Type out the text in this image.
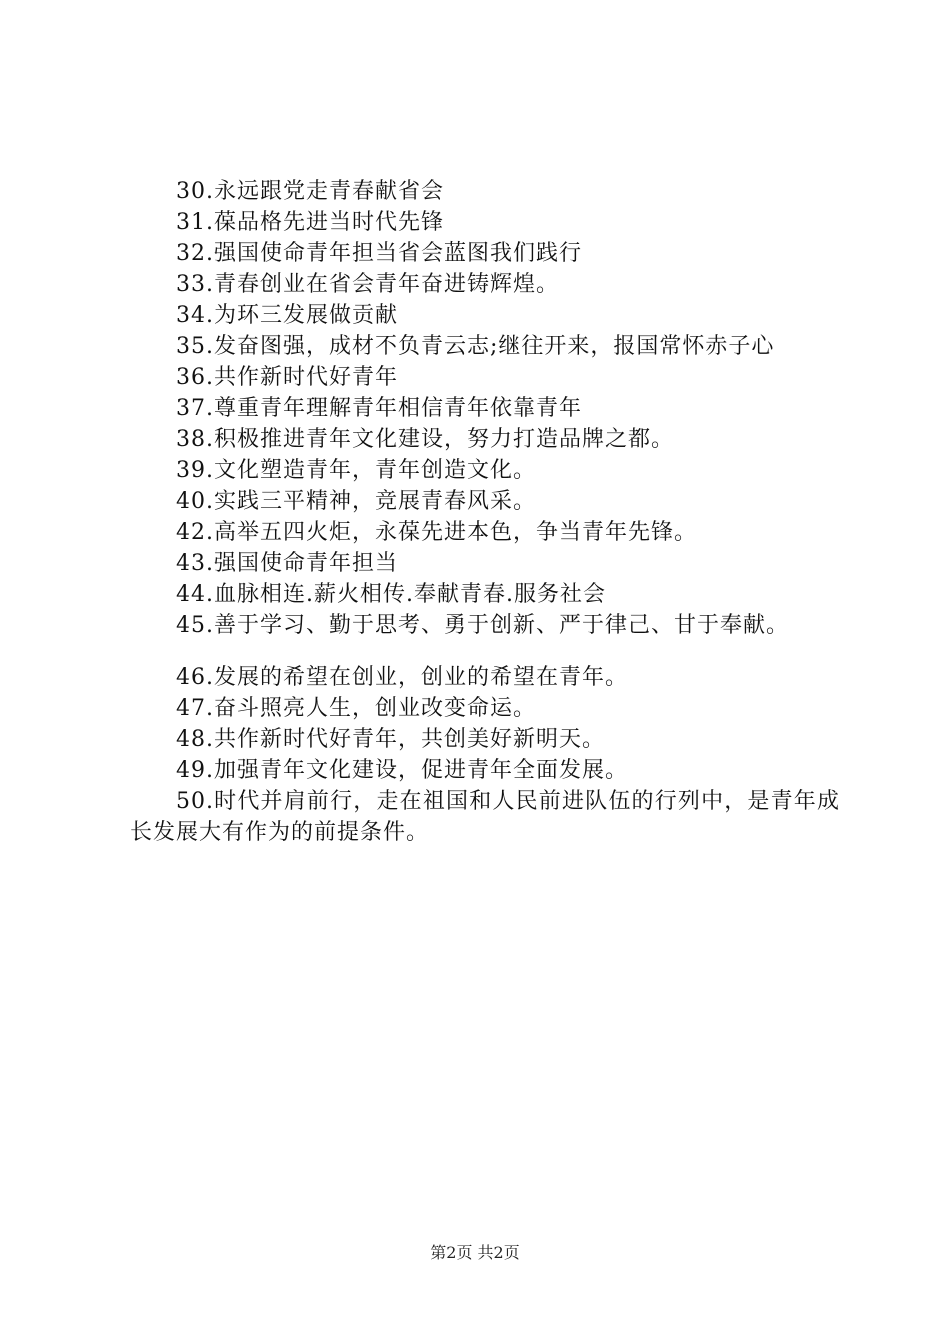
30.永远跟党走青春献省会
31.葆品格先进当时代先锋
32.强国使命青年担当省会蓝图我们践行
33.青春创业在省会青年奋进铸辉煌。
34.为环三发展做贡献
35.发奋图强，成材不负青云志;继往开来，报国常怀赤子心
36.共作新时代好青年
37.尊重青年理解青年相信青年依靠青年
38.积极推进青年文化建设，努力打造品牌之都。
39.文化塑造青年，青年创造文化。
40.实践三平精神，竞展青春风采。
42.高举五四火炬，永葆先进本色，争当青年先锋。
43.强国使命青年担当
44.血脉相连.薪火相传.奉献青春.服务社会
45.善于学习、勤于思考、勇于创新、严于律己、甘于奉献。
46.发展的希望在创业，创业的希望在青年。
47.奋斗照亮人生，创业改变命运。
48.共作新时代好青年，共创美好新明天。
49.加强青年文化建设，促进青年全面发展。
50.时代并肩前行，走在祖国和人民前进队伍的行列中，是青年成长发展大有作为的前提条件。
第2页 共2页
